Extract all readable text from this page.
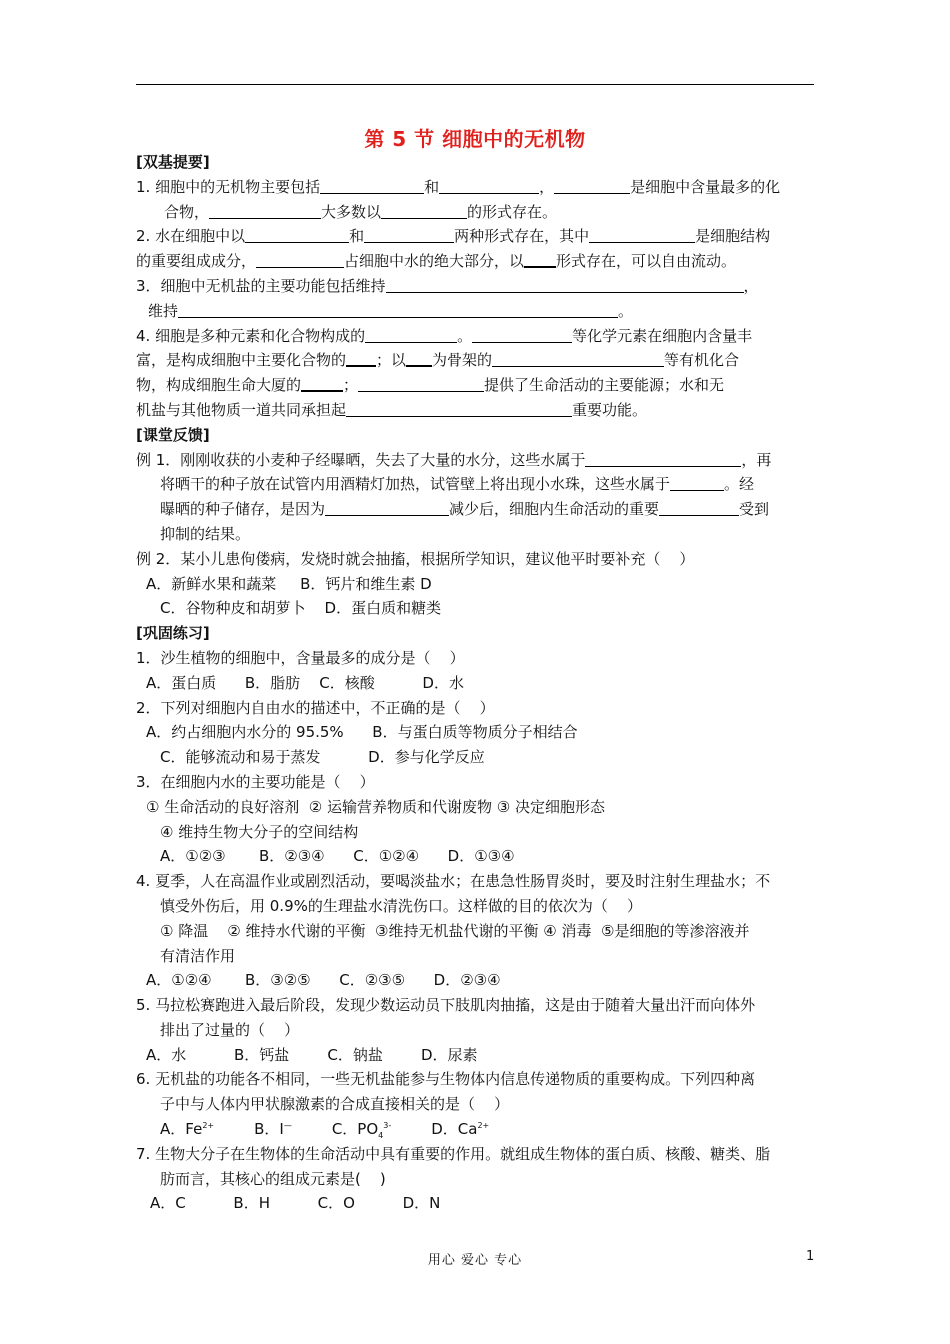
第 5 节 细胞中的无机物
[双基提要]
1. 细胞中的无机物主要包括	和	，	是细胞中含量最多的化
合物，	大多数以	的形式存在。
2. 水在细胞中以	和	两种形式存在，其中	是细胞结构
的重要组成成分，	占细胞中水的绝大部分，以 形式存在，可以自由流动。
3．细胞中无机盐的主要功能包括维持	，
维持	。
4. 细胞是多种元素和化合物构成的	。	等化学元素在细胞内含量丰
富，是构成细胞中主要化合物的 ；以 为骨架的	等有机化合
物，构成细胞生命大厦的	；	提供了生命活动的主要能源；水和无
机盐与其他物质一道共同承担起	重要功能。
[课堂反馈]
例 1．刚刚收获的小麦种子经曝晒，失去了大量的水分，这些水属于	，再
将晒干的种子放在试管内用酒精灯加热，试管壁上将出现小水珠，这些水属于	。经
曝晒的种子储存，是因为	减少后，细胞内生命活动的重要	受到
抑制的结果。
例 2．某小儿患佝偻病，发烧时就会抽搐，根据所学知识，建议他平时要补充（    ）
A．新鲜水果和蔬菜     B．钙片和维生素 D
C．谷物种皮和胡萝卜    D．蛋白质和糖类
[巩固练习]
1．沙生植物的细胞中，含量最多的成分是（    ）
A．蛋白质      B．脂肪    C．核酸          D．水
2．下列对细胞内自由水的描述中，不正确的是（    ）
A．约占细胞内水分的 95.5%      B．与蛋白质等物质分子相结合
C．能够流动和易于蒸发          D．参与化学反应
3．在细胞内水的主要功能是（    ）
① 生命活动的良好溶剂  ② 运输营养物质和代谢废物 ③ 决定细胞形态
④ 维持生物大分子的空间结构
A．①②③       B．②③④      C．①②④      D．①③④
4. 夏季，人在高温作业或剧烈活动，要喝淡盐水；在患急性肠胃炎时，要及时注射生理盐水；不
慎受外伤后，用 0.9%的生理盐水清洗伤口。这样做的目的依次为（    ）
① 降温    ② 维持水代谢的平衡  ③维持无机盐代谢的平衡 ④ 消毒  ⑤是细胞的等渗溶液并
有清洁作用
A．①②④       B．③②⑤      C．②③⑤      D．②③④
5. 马拉松赛跑进入最后阶段，发现少数运动员下肢肌肉抽搐，这是由于随着大量出汗而向体外
排出了过量的（    ）
A．水          B．钙盐        C．钠盐        D．尿素
6. 无机盐的功能各不相同，一些无机盐能参与生物体内信息传递物质的重要构成。下列四种离
子中与人体内甲状腺激素的合成直接相关的是（    ）
A．$Fe^{2+}$	B．I—	C．$PO_4^{3-}$	D．$Ca^{2+}$
7. 生物大分子在生物体的生命活动中具有重要的作用。就组成生物体的蛋白质、核酸、糖类、脂
肪而言，其核心的组成元素是(    )
A．C          B．H          C．O          D．N
用心 爱心 专心	1
